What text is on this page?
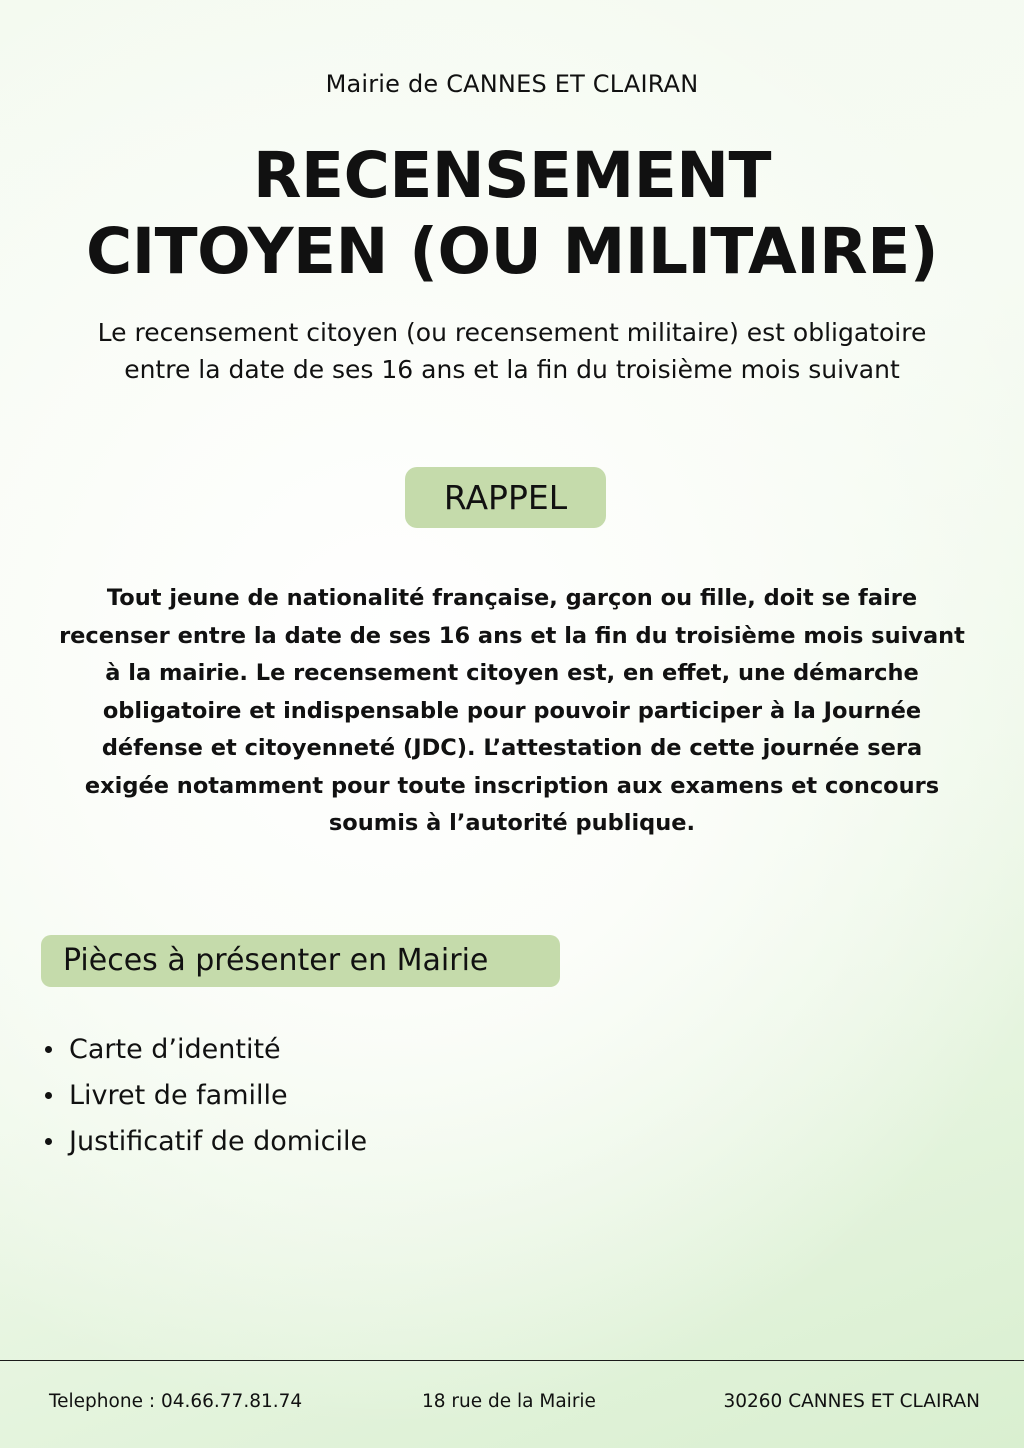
Mairie de CANNES ET CLAIRAN
RECENSEMENT
CITOYEN (OU MILITAIRE)

Le recensement citoyen (ou recensement militaire) est obligatoire entre la date de ses 16 ans et la fin du troisième mois suivant

RAPPEL

Tout jeune de nationalité française, garçon ou fille, doit se faire recenser entre la date de ses 16 ans et la fin du troisième mois suivant à la mairie. Le recensement citoyen est, en effet, une démarche obligatoire et indispensable pour pouvoir participer à la Journée défense et citoyenneté (JDC). L’attestation de cette journée sera exigée notamment pour toute inscription aux examens et concours soumis à l’autorité publique.

Pièces à présenter en Mairie
Carte d’identité
Livret de famille
Justificatif de domicile
Telephone : 04.66.77.81.74	18 rue de la Mairie	30260 CANNES ET CLAIRAN
